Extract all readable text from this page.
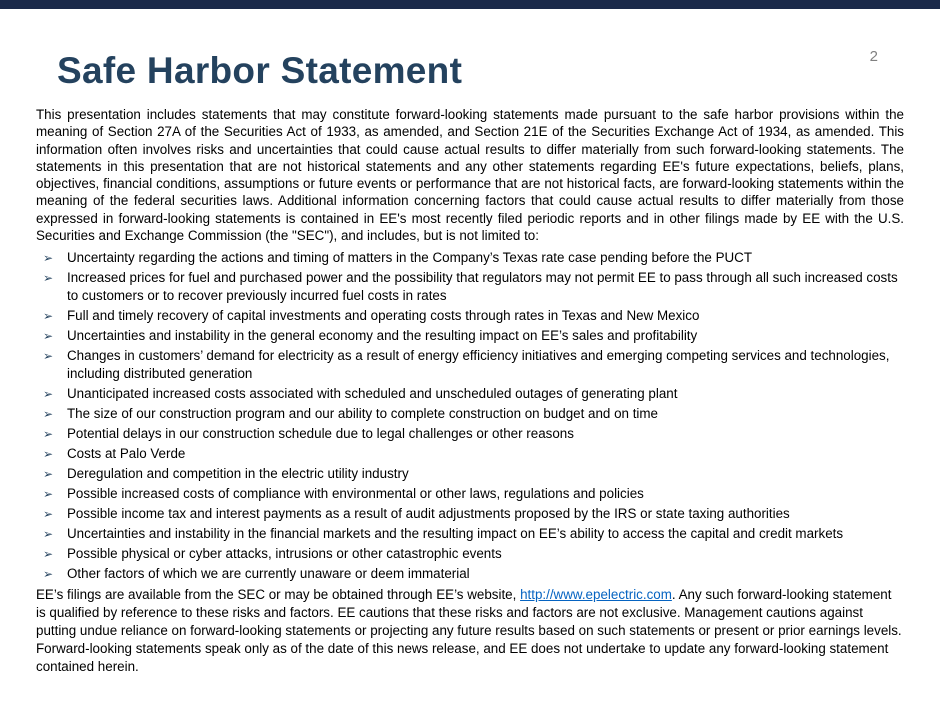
2
Safe Harbor Statement

This presentation includes statements that may constitute forward-looking statements made pursuant to the safe harbor provisions within the meaning of Section 27A of the Securities Act of 1933, as amended, and Section 21E of the Securities Exchange Act of 1934, as amended. This information often involves risks and uncertainties that could cause actual results to differ materially from such forward-looking statements. The statements in this presentation that are not historical statements and any other statements regarding EE's future expectations, beliefs, plans, objectives, financial conditions, assumptions or future events or performance that are not historical facts, are forward-looking statements within the meaning of the federal securities laws. Additional information concerning factors that could cause actual results to differ materially from those expressed in forward-looking statements is contained in EE's most recently filed periodic reports and in other filings made by EE with the U.S. Securities and Exchange Commission (the "SEC"), and includes, but is not limited to:

➢	Uncertainty regarding the actions and timing of matters in the Company’s Texas rate case pending before the PUCT
➢	Increased prices for fuel and purchased power and the possibility that regulators may not permit EE to pass through all such increased costs to customers or to recover previously incurred fuel costs in rates
➢	Full and timely recovery of capital investments and operating costs through rates in Texas and New Mexico
➢	Uncertainties and instability in the general economy and the resulting impact on EE’s sales and profitability
➢	Changes in customers’ demand for electricity as a result of energy efficiency initiatives and emerging competing services and technologies, including distributed generation
➢	Unanticipated increased costs associated with scheduled and unscheduled outages of generating plant
➢	The size of our construction program and our ability to complete construction on budget and on time
➢	Potential delays in our construction schedule due to legal challenges or other reasons
➢	Costs at Palo Verde
➢	Deregulation and competition in the electric utility industry
➢	Possible increased costs of compliance with environmental or other laws, regulations and policies
➢	Possible income tax and interest payments as a result of audit adjustments proposed by the IRS or state taxing authorities
➢	Uncertainties and instability in the financial markets and the resulting impact on EE’s ability to access the capital and credit markets
➢	Possible physical or cyber attacks, intrusions or other catastrophic events
➢	Other factors of which we are currently unaware or deem immaterial

EE’s filings are available from the SEC or may be obtained through EE’s website, http://www.epelectric.com. Any such forward-looking statement is qualified by reference to these risks and factors. EE cautions that these risks and factors are not exclusive. Management cautions against putting undue reliance on forward-looking statements or projecting any future results based on such statements or present or prior earnings levels. Forward-looking statements speak only as of the date of this news release, and EE does not undertake to update any forward-looking statement contained herein.
